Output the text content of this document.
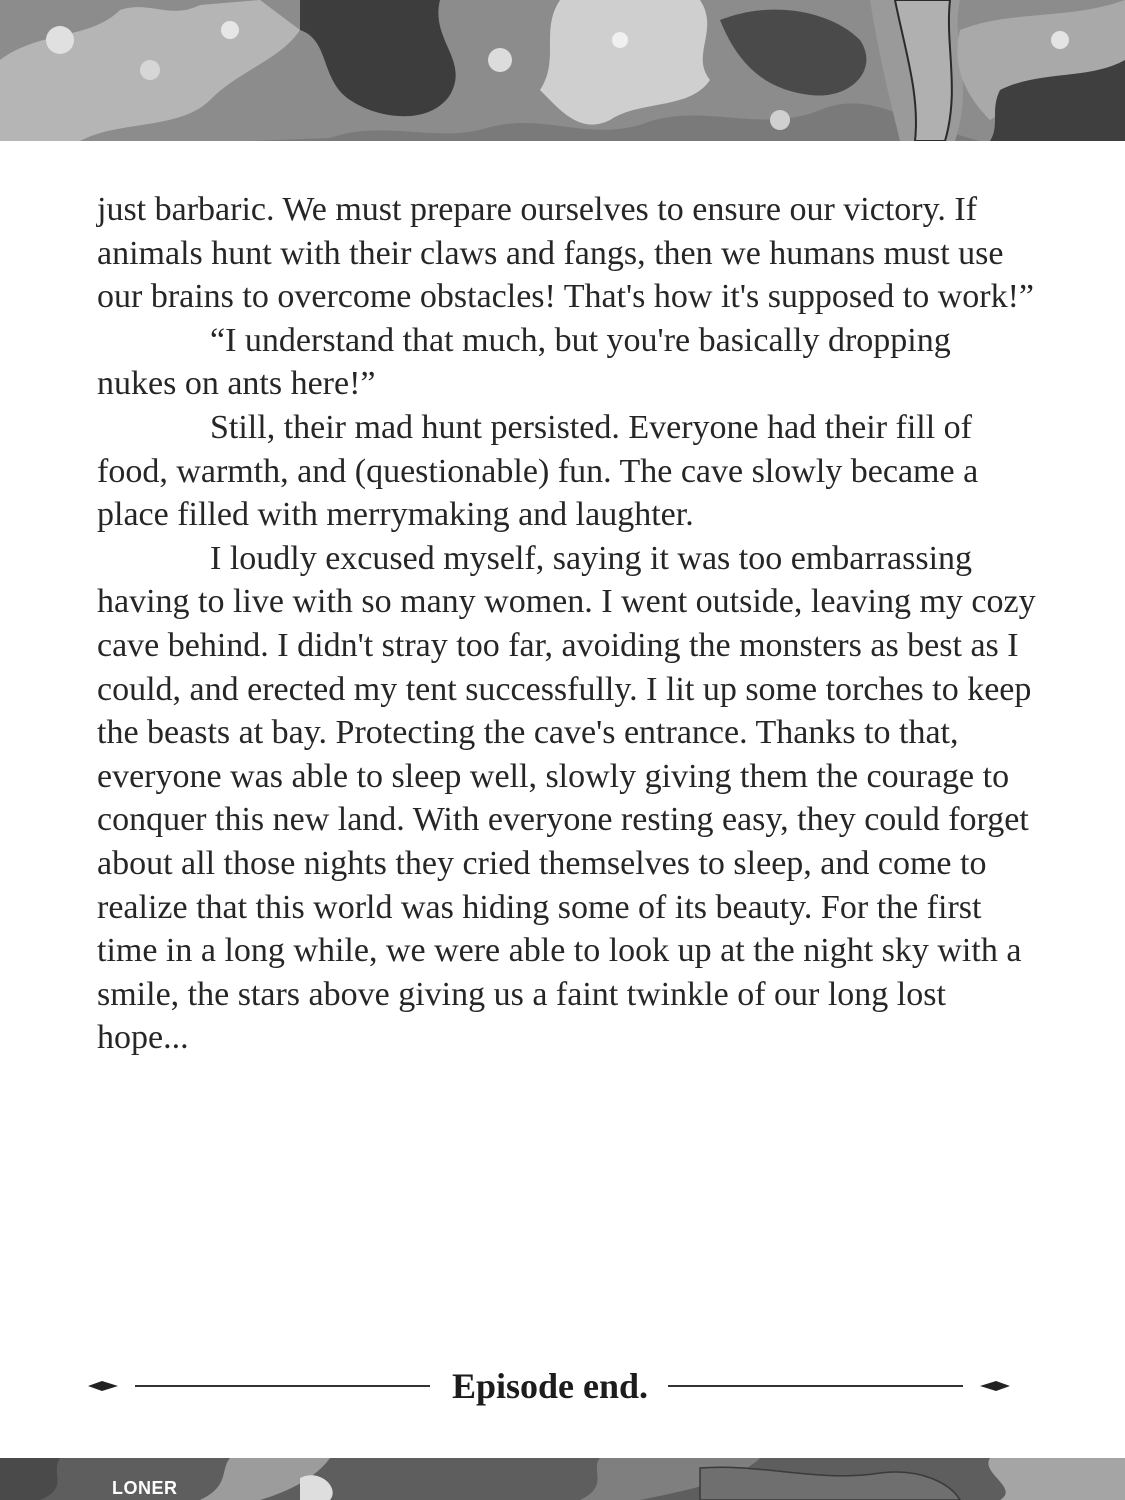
just barbaric. We must prepare ourselves to ensure our victory. If animals hunt with their claws and fangs, then we humans must use our brains to overcome obstacles! That's how it's supposed to work!”

“I understand that much, but you're basically dropping nukes on ants here!”

Still, their mad hunt persisted. Everyone had their fill of food, warmth, and (questionable) fun. The cave slowly became a place filled with merrymaking and laughter.

I loudly excused myself, saying it was too embarrassing having to live with so many women. I went outside, leaving my cozy cave behind. I didn't stray too far, avoiding the monsters as best as I could, and erected my tent successfully. I lit up some torches to keep the beasts at bay. Protecting the cave's entrance. Thanks to that, everyone was able to sleep well, slowly giving them the courage to conquer this new land. With everyone resting easy, they could forget about all those nights they cried themselves to sleep, and come to realize that this world was hiding some of its beauty. For the first time in a long while, we were able to look up at the night sky with a smile, the stars above giving us a faint twinkle of our long lost hope...

Episode end.
LONER
